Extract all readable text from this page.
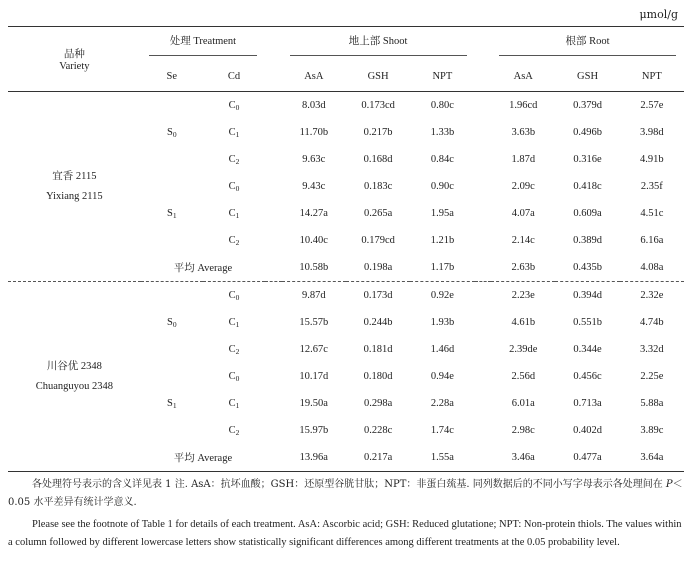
μmol/g
品种
Variety	处理 Treatment			地上部 Shoot				根部 Root		

	Se	Cd		AsA	GSH	NPT		AsA	GSH	NPT

宜香 2115
Yixiang 2115	$S_0$	$C_0$		8.03d	0.173cd	0.80c		1.96cd	0.379d	2.57e
		$C_1$		11.70b	0.217b	1.33b		3.63b	0.496b	3.98d
		$C_2$		9.63c	0.168d	0.84c		1.87d	0.316e	4.91b
	$S_1$	$C_0$		9.43c	0.183c	0.90c		2.09c	0.418c	2.35f
		$C_1$		14.27a	0.265a	1.95a		4.07a	0.609a	4.51c
		$C_2$		10.40c	0.179cd	1.21b		2.14c	0.389d	6.16a
	平均 Average			10.58b	0.198a	1.17b		2.63b	0.435b	4.08a

川谷优 2348
Chuanguyou 2348	$S_0$	$C_0$		9.87d	0.173d	0.92e		2.23e	0.394d	2.32e
		$C_1$		15.57b	0.244b	1.93b		4.61b	0.551b	4.74b
		$C_2$		12.67c	0.181d	1.46d		2.39de	0.344e	3.32d
	$S_1$	$C_0$		10.17d	0.180d	0.94e		2.56d	0.456c	2.25e
		$C_1$		19.50a	0.298a	2.28a		6.01a	0.713a	5.88a
		$C_2$		15.97b	0.228c	1.74c		2.98c	0.402d	3.89c
	平均 Average			13.96a	0.217a	1.55a		3.46a	0.477a	3.64a

各处理符号表示的含义详见表 1 注. AsA：抗坏血酸；GSH：还原型谷胱甘肽；NPT：非蛋白巯基. 同列数据后的不同小写字母表示各处理间在 P＜0.05 水平差异有统计学意义.

Please see the footnote of Table 1 for details of each treatment. AsA: Ascorbic acid; GSH: Reduced glutatione; NPT: Non-protein thiols. The values within a column followed by different lowercase letters show statistically significant differences among different treatments at the 0.05 probability level.
